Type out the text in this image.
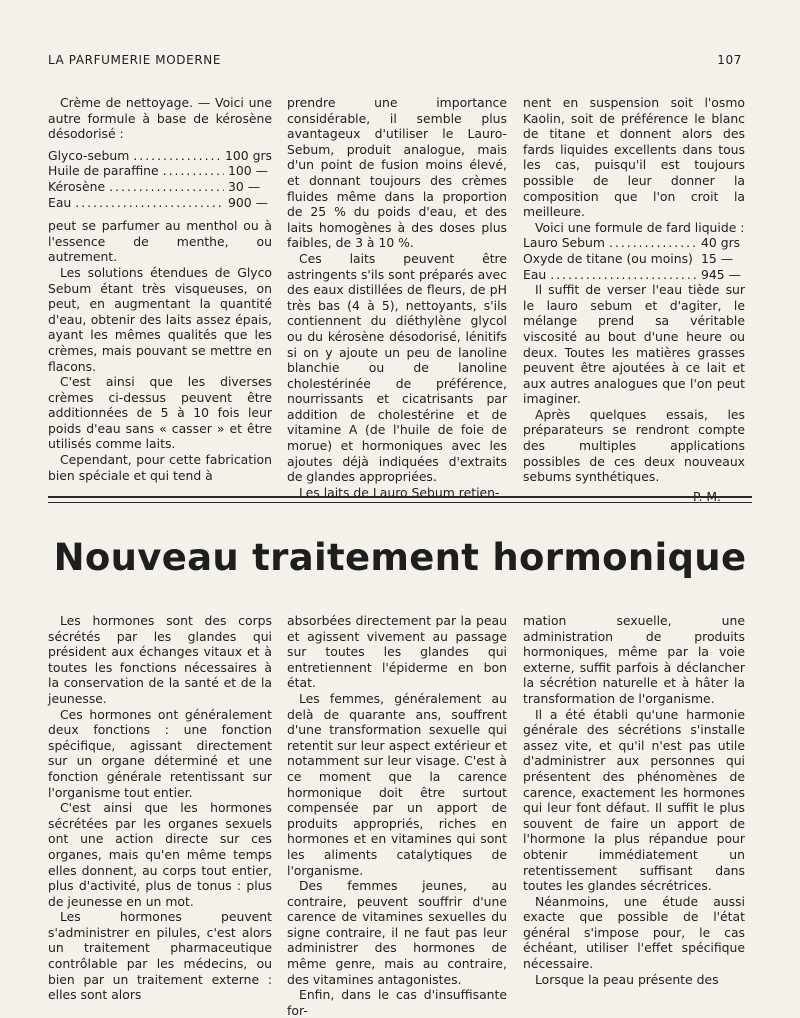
LA PARFUMERIE MODERNE	107

Crème de nettoyage. — Voici une autre formule à base de kérosène désodorisé :

Glyco-sebum .....	100 grs
Huile de paraffine .....	100 —
Kérosène .....	30 —
Eau .....	900 —

peut se parfumer au menthol ou à l'essence de menthe, ou autrement.

Les solutions étendues de Glyco Sebum étant très visqueuses, on peut, en augmentant la quantité d'eau, obtenir des laits assez épais, ayant les mêmes qualités que les crèmes, mais pouvant se mettre en flacons.

C'est ainsi que les diverses crèmes ci-dessus peuvent être additionnées de 5 à 10 fois leur poids d'eau sans « casser » et être utilisés comme laits.

Cependant, pour cette fabrication bien spéciale et qui tend à

prendre une importance considérable, il semble plus avantageux d'utiliser le Lauro-Sebum, produit analogue, mais d'un point de fusion moins élevé, et donnant toujours des crèmes fluides même dans la proportion de 25 % du poids d'eau, et des laits homogènes à des doses plus faibles, de 3 à 10 %.

Ces laits peuvent être astringents s'ils sont préparés avec des eaux distillées de fleurs, de pH très bas (4 à 5), nettoyants, s'ils contiennent du diéthylène glycol ou du kérosène désodorisé, lénitifs si on y ajoute un peu de lanoline blanchie ou de lanoline cholestérinée de préférence, nourrissants et cicatrisants par addition de cholestérine et de vitamine A (de l'huile de foie de morue) et hormoniques avec les ajoutes déjà indiquées d'extraits de glandes appropriées.

Les laits de Lauro Sebum retien-

nent en suspension soit l'osmo Kaolin, soit de préférence le blanc de titane et donnent alors des fards liquides excellents dans tous les cas, puisqu'il est toujours possible de leur donner la composition que l'on croit la meilleure.

Voici une formule de fard liquide :

Lauro Sebum .....	40 grs
Oxyde de titane (ou moins) ..... 15 —
Eau .....	945 —

Il suffit de verser l'eau tiède sur le lauro sebum et d'agiter, le mélange prend sa véritable viscosité au bout d'une heure ou deux. Toutes les matières grasses peuvent être ajoutées à ce lait et aux autres analogues que l'on peut imaginer.

Après quelques essais, les préparateurs se rendront compte des multiples applications possibles de ces deux nouveaux sebums synthétiques.

P. M.
Nouveau traitement hormonique

Les hormones sont des corps sécrétés par les glandes qui président aux échanges vitaux et à toutes les fonctions nécessaires à la conservation de la santé et de la jeunesse.

Ces hormones ont généralement deux fonctions : une fonction spécifique, agissant directement sur un organe déterminé et une fonction générale retentissant sur l'organisme tout entier.

C'est ainsi que les hormones sécrétées par les organes sexuels ont une action directe sur ces organes, mais qu'en même temps elles donnent, au corps tout entier, plus d'activité, plus de tonus : plus de jeunesse en un mot.

Les hormones peuvent s'administrer en pilules, c'est alors un traitement pharmaceutique contrôlable par les médecins, ou bien par un traitement externe : elles sont alors

absorbées directement par la peau et agissent vivement au passage sur toutes les glandes qui entretiennent l'épiderme en bon état.

Les femmes, généralement au delà de quarante ans, souffrent d'une transformation sexuelle qui retentit sur leur aspect extérieur et notamment sur leur visage. C'est à ce moment que la carence hormonique doit être surtout compensée par un apport de produits appropriés, riches en hormones et en vitamines qui sont les aliments catalytiques de l'organisme.

Des femmes jeunes, au contraire, peuvent souffrir d'une carence de vitamines sexuelles du signe contraire, il ne faut pas leur administrer des hormones de même genre, mais au contraire, des vitamines antagonistes.

Enfin, dans le cas d'insuffisante for-

mation sexuelle, une administration de produits hormoniques, même par la voie externe, suffit parfois à déclancher la sécrétion naturelle et à hâter la transformation de l'organisme.

Il a été établi qu'une harmonie générale des sécrétions s'installe assez vite, et qu'il n'est pas utile d'administrer aux personnes qui présentent des phénomènes de carence, exactement les hormones qui leur font défaut. Il suffit le plus souvent de faire un apport de l'hormone la plus répandue pour obtenir immédiatement un retentissement suffisant dans toutes les glandes sécrétrices.

Néanmoins, une étude aussi exacte que possible de l'état général s'impose pour, le cas échéant, utiliser l'effet spécifique nécessaire.

Lorsque la peau présente des
